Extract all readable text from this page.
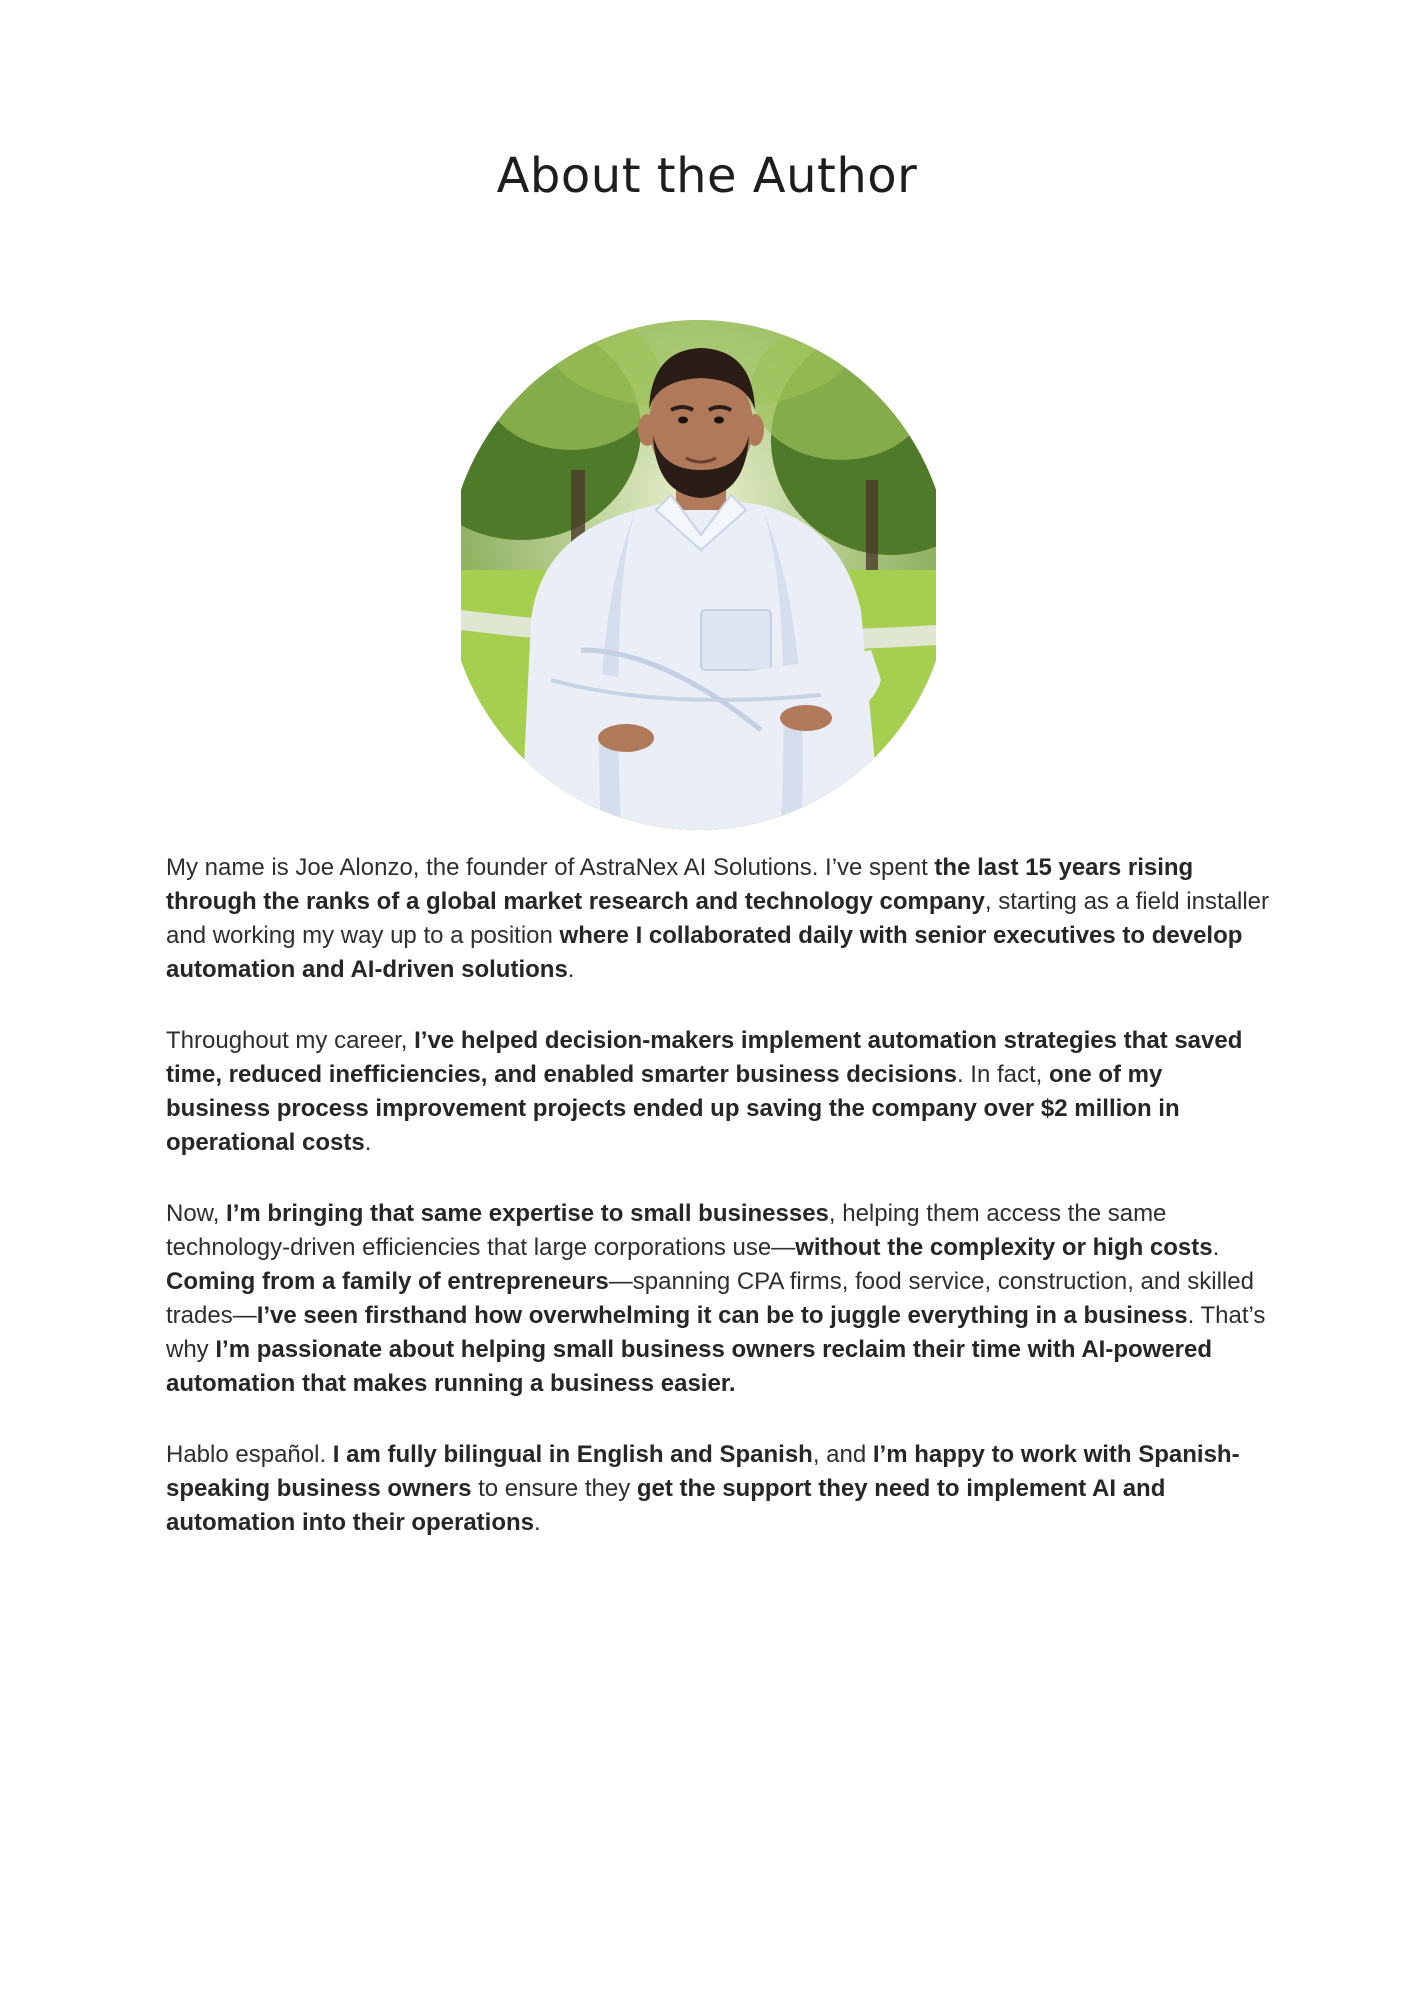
About the Author

My name is Joe Alonzo, the founder of AstraNex AI Solutions. I’ve spent the last 15 years rising through the ranks of a global market research and technology company, starting as a field installer and working my way up to a position where I collaborated daily with senior executives to develop automation and AI-driven solutions.

Throughout my career, I’ve helped decision-makers implement automation strategies that saved time, reduced inefficiencies, and enabled smarter business decisions. In fact, one of my business process improvement projects ended up saving the company over $2 million in operational costs.

Now, I’m bringing that same expertise to small businesses, helping them access the same technology-driven efficiencies that large corporations use—without the complexity or high costs. Coming from a family of entrepreneurs—spanning CPA firms, food service, construction, and skilled trades—I’ve seen firsthand how overwhelming it can be to juggle everything in a business. That’s why I’m passionate about helping small business owners reclaim their time with AI-powered automation that makes running a business easier.

Hablo español. I am fully bilingual in English and Spanish, and I’m happy to work with Spanish-speaking business owners to ensure they get the support they need to implement AI and automation into their operations.
